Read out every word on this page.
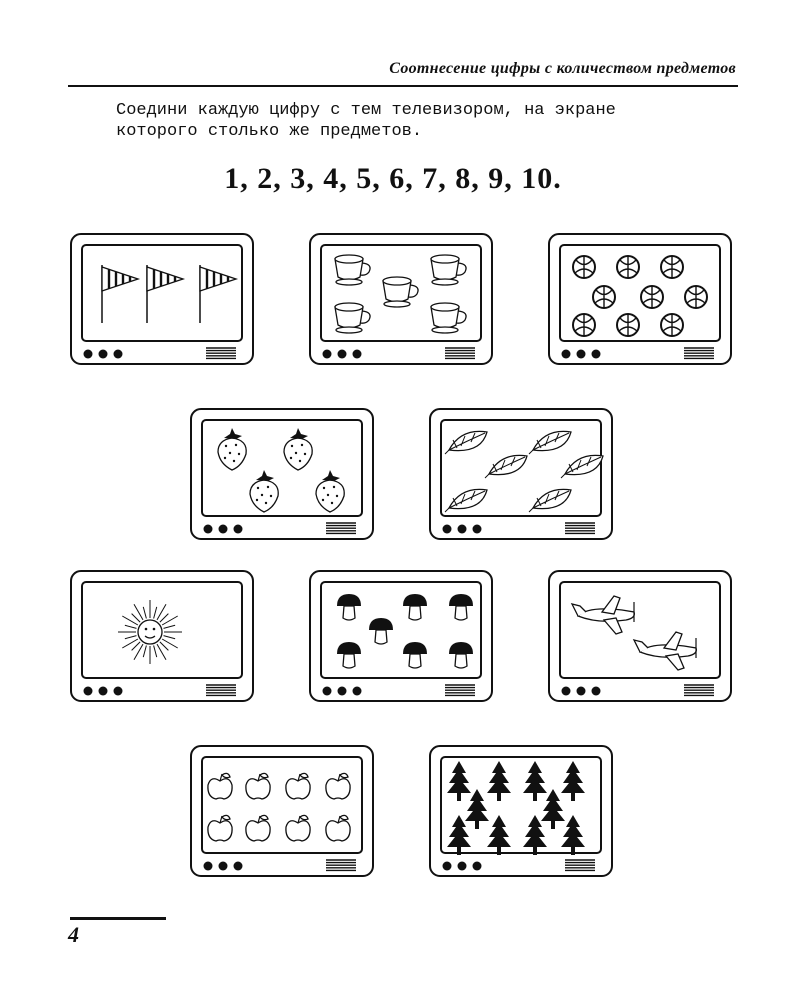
Соотнесение цифры с количеством предметов
Соедини каждую цифру с тем телевизором, на экране
которого столько же предметов.
1, 2, 3, 4, 5, 6, 7, 8, 9, 10.
4
